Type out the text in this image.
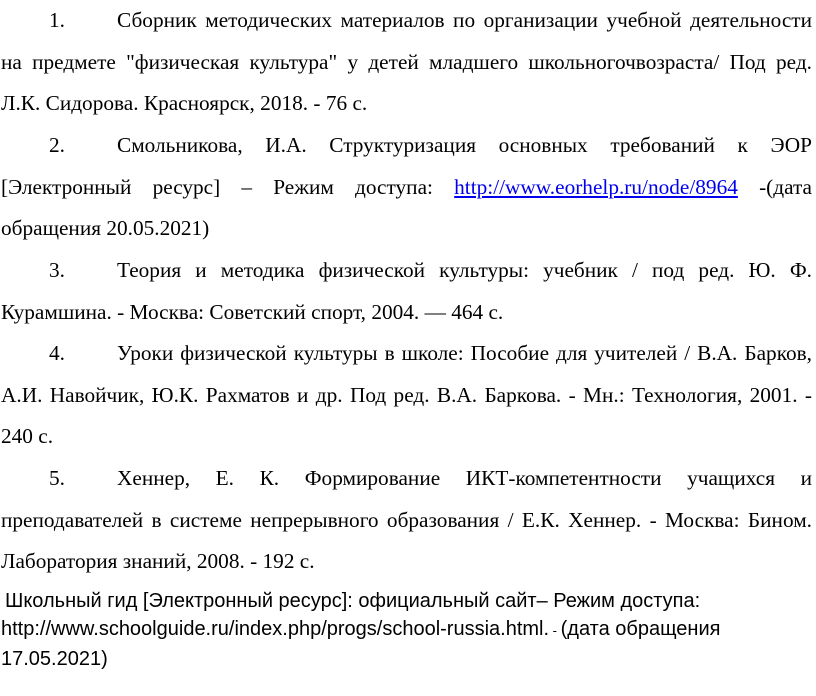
1. Сборник методических материалов по организации учебной деятельности на предмете "физическая культура" у детей младшего школьногочвозраста/ Под ред. Л.К. Сидорова. Красноярск, 2018. - 76 с.
2. Смольникова, И.А. Структуризация основных требований к ЭОР [Электронный ресурс] – Режим доступа: http://www.eorhelp.ru/node/8964 -(дата обращения 20.05.2021)
3. Теория и методика физической культуры: учебник / под ред. Ю. Ф. Курамшина. - Москва: Советский спорт, 2004. — 464 с.
4. Уроки физической культуры в школе: Пособие для учителей / В.А. Барков, А.И. Навойчик, Ю.К. Рахматов и др. Под ред. В.А. Баркова. - Мн.: Технология, 2001. - 240 с.
5. Хеннер, Е. К. Формирование ИКТ-компетентности учащихся и преподавателей в системе непрерывного образования / Е.К. Хеннер. - Москва: Бином. Лаборатория знаний, 2008. - 192 с.
Школьный гид [Электронный ресурс]: официальный сайт– Режим доступа:
http://www.schoolguide.ru/index.php/progs/school-russia.html. - (дата обращения
17.05.2021)
